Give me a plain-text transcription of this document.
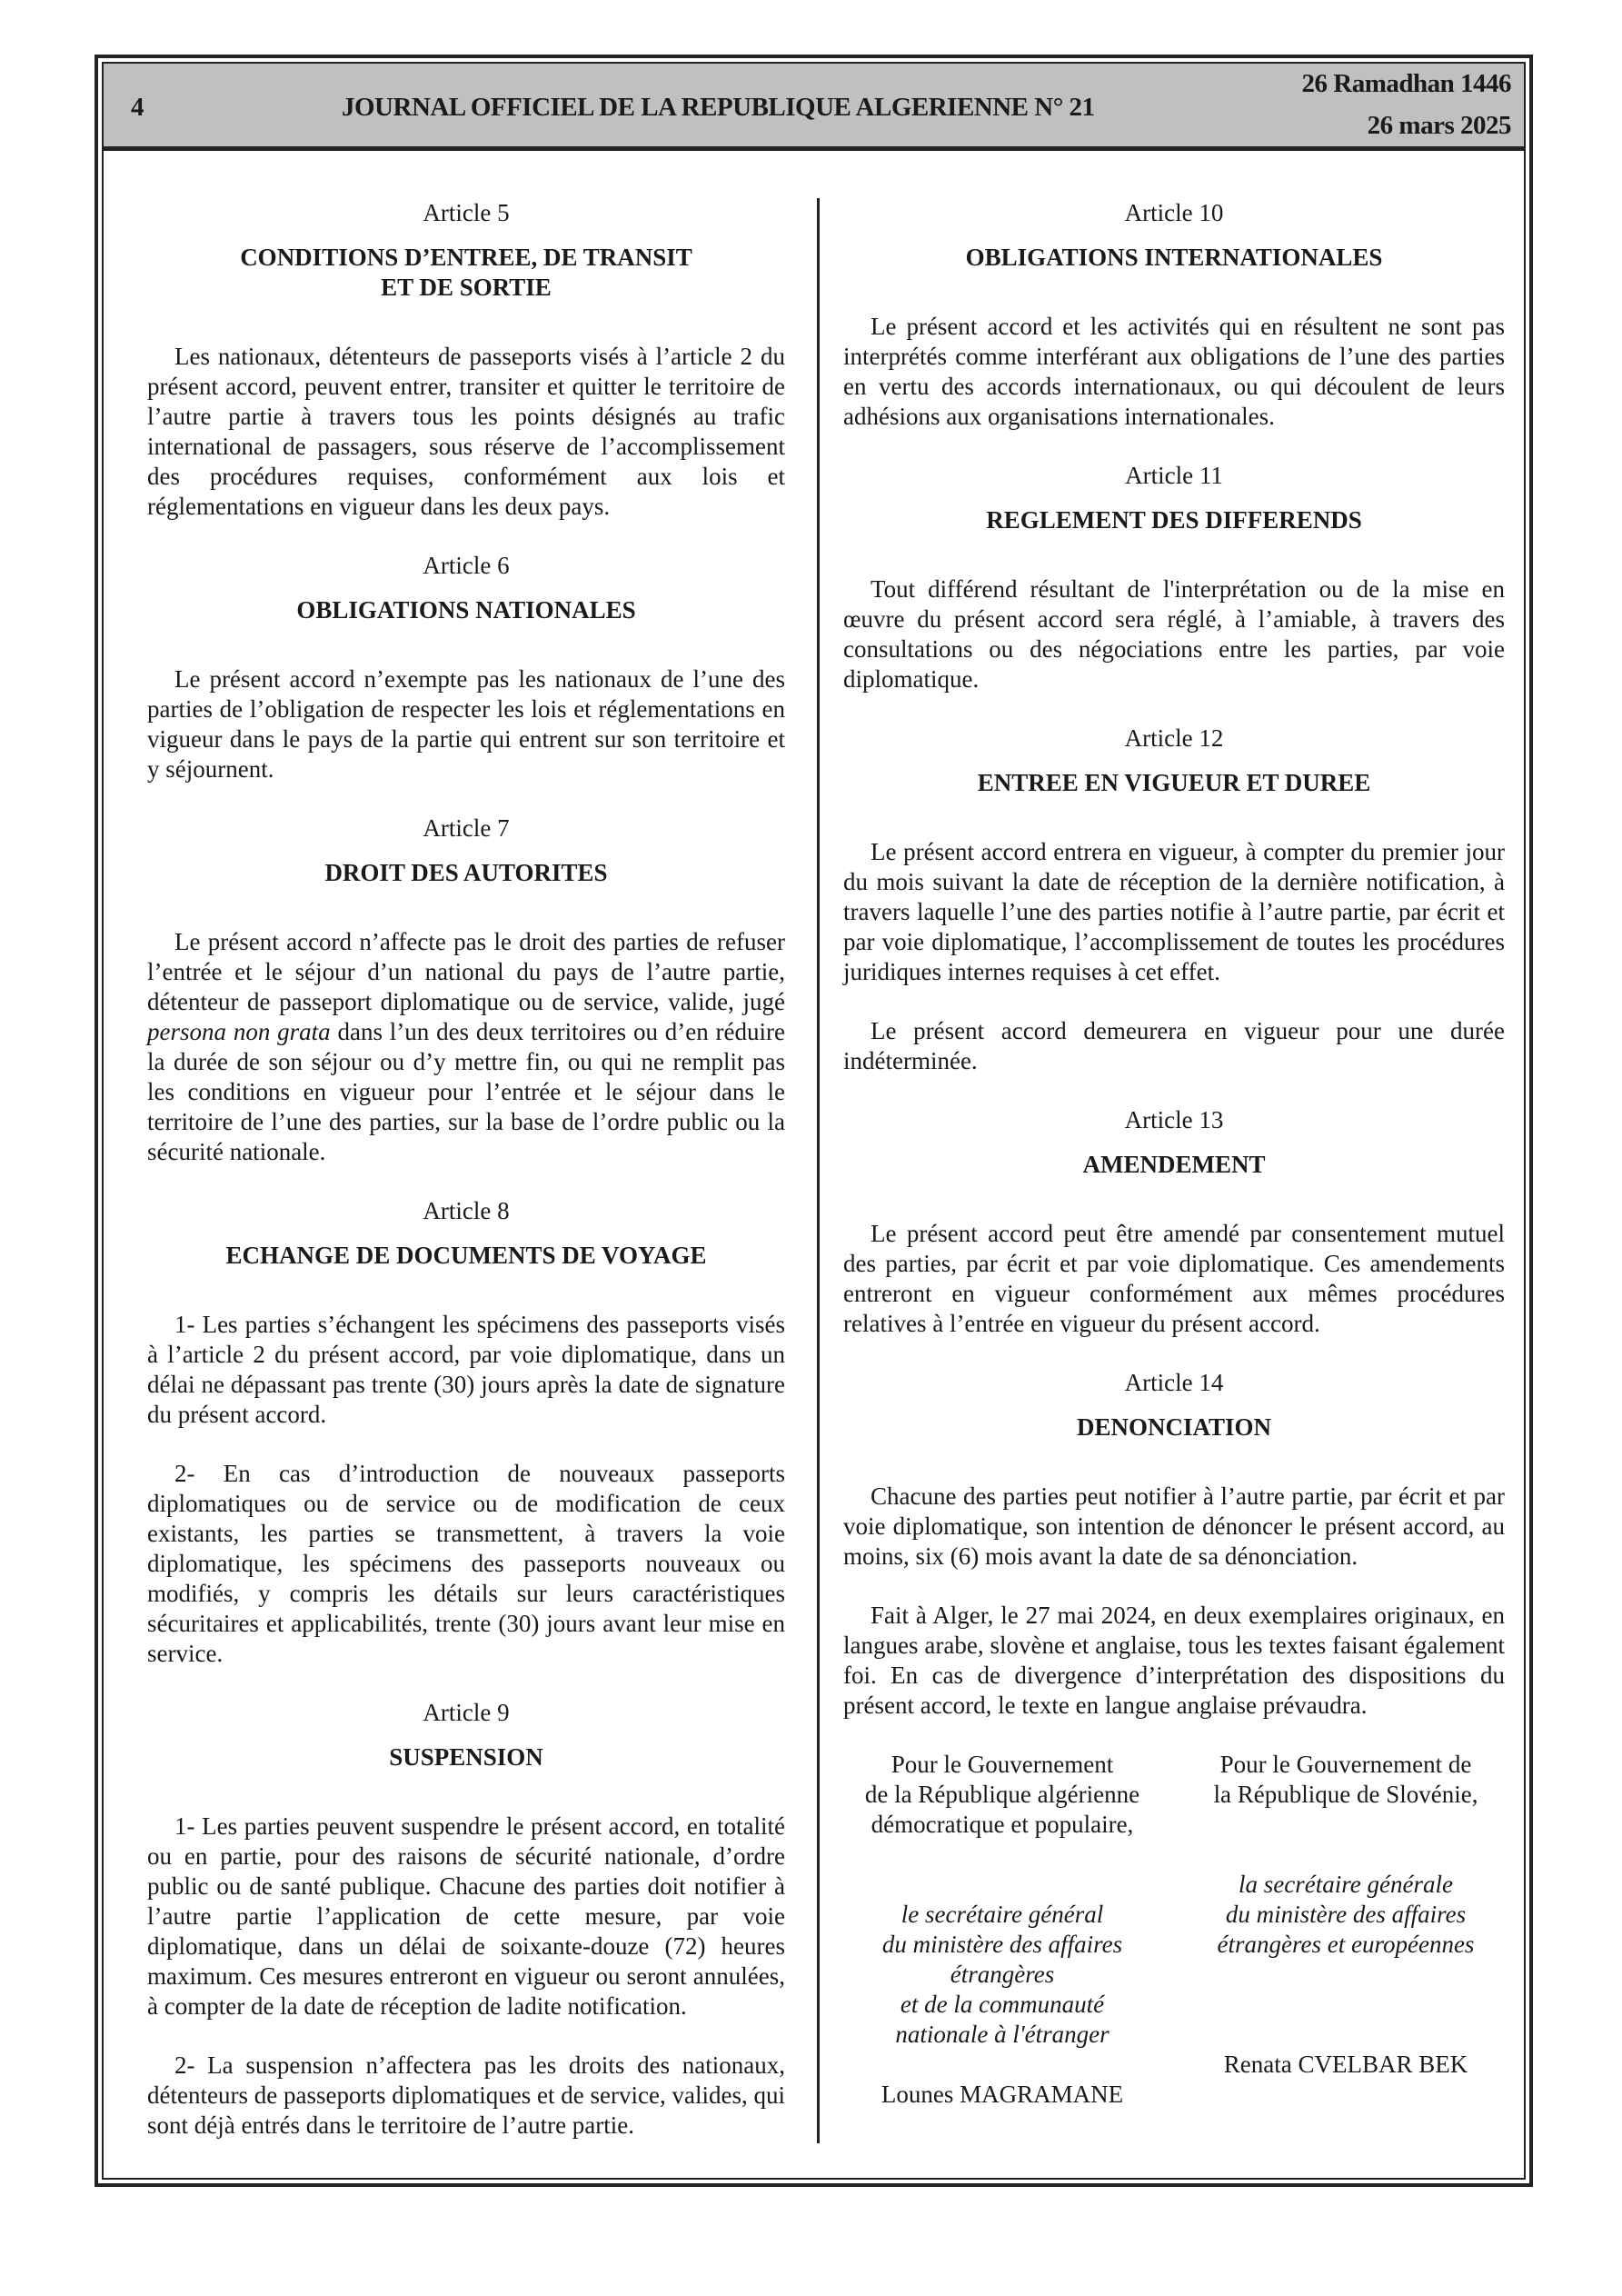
4	JOURNAL OFFICIEL DE LA REPUBLIQUE ALGERIENNE N° 21
26 Ramadhan 1446
26 mars 2025
Article 5
CONDITIONS D’ENTREE, DE TRANSIT
ET DE SORTIE

Les nationaux, détenteurs de passeports visés à l’article 2 du présent accord, peuvent entrer, transiter et quitter le territoire de l’autre partie à travers tous les points désignés au trafic international de passagers, sous réserve de l’accomplissement des procédures requises, conformément aux lois et réglementations en vigueur dans les deux pays.

Article 6
OBLIGATIONS NATIONALES

Le présent accord n’exempte pas les nationaux de l’une des parties de l’obligation de respecter les lois et réglementations en vigueur dans le pays de la partie qui entrent sur son territoire et y séjournent.

Article 7
DROIT DES AUTORITES

Le présent accord n’affecte pas le droit des parties de refuser l’entrée et le séjour d’un national du pays de l’autre partie, détenteur de passeport diplomatique ou de service, valide, jugé persona non grata dans l’un des deux territoires ou d’en réduire la durée de son séjour ou d’y mettre fin, ou qui ne remplit pas les conditions en vigueur pour l’entrée et le séjour dans le territoire de l’une des parties, sur la base de l’ordre public ou la sécurité nationale.

Article 8
ECHANGE DE DOCUMENTS DE VOYAGE

1- Les parties s’échangent les spécimens des passeports visés à l’article 2 du présent accord, par voie diplomatique, dans un délai ne dépassant pas trente (30) jours après la date de signature du présent accord.

2- En cas d’introduction de nouveaux passeports diplomatiques ou de service ou de modification de ceux existants, les parties se transmettent, à travers la voie diplomatique, les spécimens des passeports nouveaux ou modifiés, y compris les détails sur leurs caractéristiques sécuritaires et applicabilités, trente (30) jours avant leur mise en service.

Article 9
SUSPENSION

1- Les parties peuvent suspendre le présent accord, en totalité ou en partie, pour des raisons de sécurité nationale, d’ordre public ou de santé publique. Chacune des parties doit notifier à l’autre partie l’application de cette mesure, par voie diplomatique, dans un délai de soixante-douze (72) heures maximum. Ces mesures entreront en vigueur ou seront annulées, à compter de la date de réception de ladite notification.

2- La suspension n’affectera pas les droits des nationaux, détenteurs de passeports diplomatiques et de service, valides, qui sont déjà entrés dans le territoire de l’autre partie.

Article 10
OBLIGATIONS INTERNATIONALES

Le présent accord et les activités qui en résultent ne sont pas interprétés comme interférant aux obligations de l’une des parties en vertu des accords internationaux, ou qui découlent de leurs adhésions aux organisations internationales.

Article 11
REGLEMENT DES DIFFERENDS

Tout différend résultant de l'interprétation ou de la mise en œuvre du présent accord sera réglé, à l’amiable, à travers des consultations ou des négociations entre les parties, par voie diplomatique.

Article 12
ENTREE EN VIGUEUR ET DUREE

Le présent accord entrera en vigueur, à compter du premier jour du mois suivant la date de réception de la dernière notification, à travers laquelle l’une des parties notifie à l’autre partie, par écrit et par voie diplomatique, l’accomplissement de toutes les procédures juridiques internes requises à cet effet.

Le présent accord demeurera en vigueur pour une durée indéterminée.

Article 13
AMENDEMENT

Le présent accord peut être amendé par consentement mutuel des parties, par écrit et par voie diplomatique. Ces amendements entreront en vigueur conformément aux mêmes procédures relatives à l’entrée en vigueur du présent accord.

Article 14
DENONCIATION

Chacune des parties peut notifier à l’autre partie, par écrit et par voie diplomatique, son intention de dénoncer le présent accord, au moins, six (6) mois avant la date de sa dénonciation.

Fait à Alger, le 27 mai 2024, en deux exemplaires originaux, en langues arabe, slovène et anglaise, tous les textes faisant également foi. En cas de divergence d’interprétation des dispositions du présent accord, le texte en langue anglaise prévaudra.

Pour le Gouvernement
de la République algérienne
démocratique et populaire,
le secrétaire général
du ministère des affaires
étrangères
et de la communauté
nationale à l'étranger
Lounes MAGRAMANE
Pour le Gouvernement de
la République de Slovénie,
la secrétaire générale
du ministère des affaires
étrangères et européennes
Renata CVELBAR BEK
